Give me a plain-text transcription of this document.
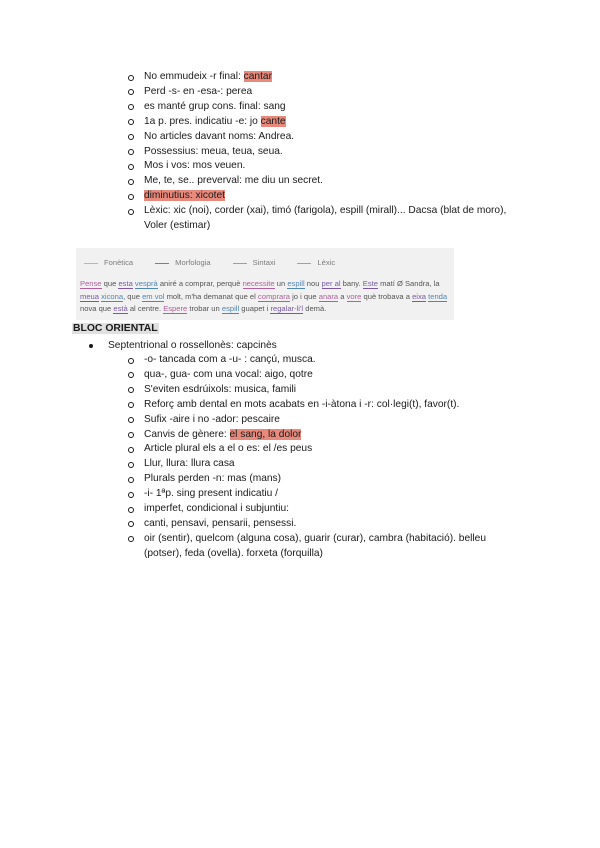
No emmudeix -r final: cantar
Perd -s- en -esa-: perea
es manté grup cons. final: sang
1a p. pres. indicatiu -e: jo cante
No articles davant noms: Andrea.
Possessius: meua, teua, seua.
Mos i vos: mos veuen.
Me, te, se.. preverval: me diu un secret.
diminutius: xicotet
Lèxic: xic (noi), corder (xai), timó (farigola), espill (mirall)... Dacsa (blat de moro), Voler (estimar)
Fonètica	Morfologia	Sintaxi	Lèxic
Pense que esta vesprà aniré a comprar, perquè necessite un espill nou per al bany. Este matí Ø Sandra, la meua xicona, que em vol molt, m'ha demanat que el comprara jo i que anara a vore què trobava a eixa tenda nova que està al centre. Espere trobar un espill guapet i regalar-li'l demà.
BLOC ORIENTAL
Septentrional o rossellonès: capcinès
-o- tancada com a -u- : cançú, musca.
qua-, gua- com una vocal: aigo, qotre
S'eviten esdrúixols: musica, famili
Reforç amb dental en mots acabats en -i-àtona i -r: col·legi(t), favor(t).
Sufix -aire i no -ador: pescaire
Canvis de gènere: el sang, la dolor
Article plural els a el o es: el /es peus
Llur, llura: llura casa
Plurals perden -n: mas (mans)
-i- 1ªp. sing present indicatiu /
imperfet, condicional i subjuntiu:
canti, pensavi, pensarii, pensessi.
oir (sentir), quelcom (alguna cosa), guarir (curar), cambra (habitació). belleu (potser), feda (ovella). forxeta (forquilla)
